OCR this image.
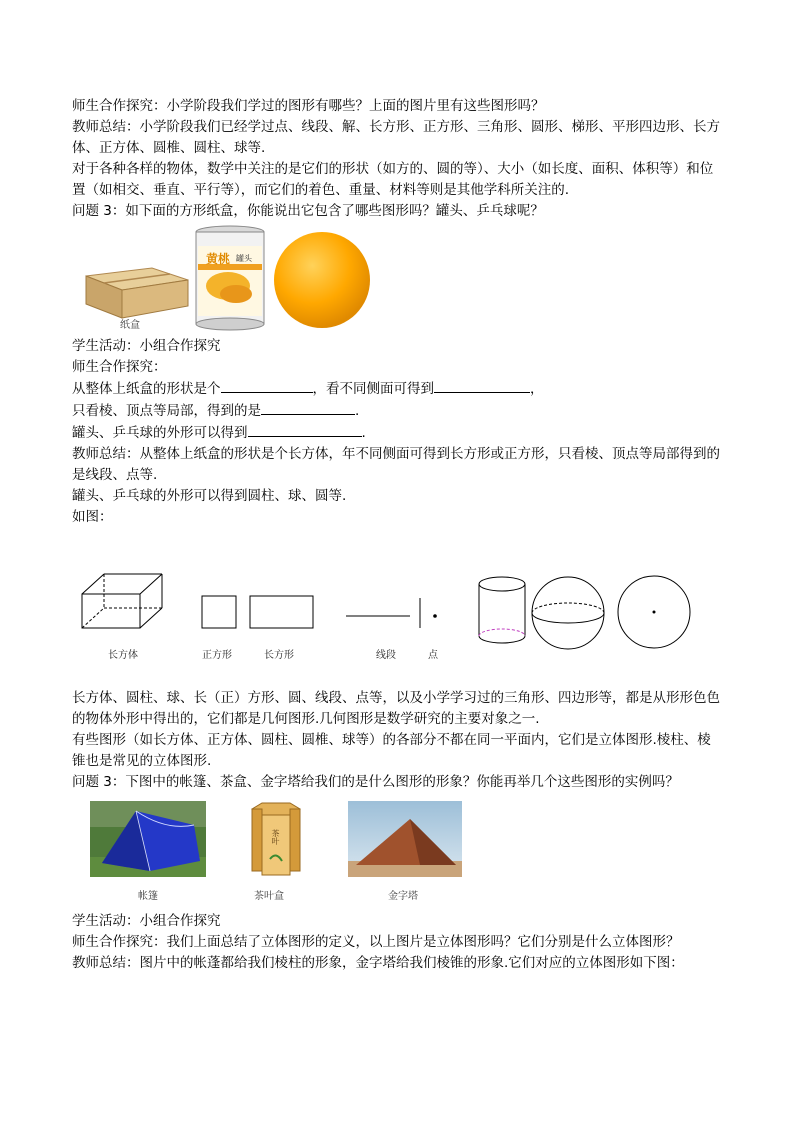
师生合作探究：小学阶段我们学过的图形有哪些？上面的图片里有这些图形吗？

教师总结：小学阶段我们已经学过点、线段、解、长方形、正方形、三角形、圆形、梯形、平形四边形、长方体、正方体、圆椎、圆柱、球等.

对于各种各样的物体，数学中关注的是它们的形状（如方的、圆的等）、大小（如长度、面积、体积等）和位置（如相交、垂直、平行等），而它们的着色、重量、材料等则是其他学科所关注的.

问题 3：如下面的方形纸盒，你能说出它包含了哪些图形吗？罐头、乒乓球呢？

纸盒
黄桃 罐头

学生活动：小组合作探究

师生合作探究：

从整体上纸盒的形状是个	，看不同侧面可得到	，

只看棱、顶点等局部，得到的是	.

罐头、乒乓球的外形可以得到	.

教师总结：从整体上纸盒的形状是个长方体，年不同侧面可得到长方形或正方形，只看棱、顶点等局部得到的是线段、点等.

罐头、乒乓球的外形可以得到圆柱、球、圆等.

如图：

长方体	正方形	长方形	线段	点

长方体、圆柱、球、长（正）方形、圆、线段、点等，以及小学学习过的三角形、四边形等，都是从形形色色的物体外形中得出的，它们都是几何图形.几何图形是数学研究的主要对象之一.

有些图形（如长方体、正方体、圆柱、圆椎、球等）的各部分不都在同一平面内，它们是立体图形.棱柱、棱锥也是常见的立体图形.

问题 3：下图中的帐篷、茶盒、金字塔给我们的是什么图形的形象？你能再举几个这些图形的实例吗？

帐篷
茶叶
茶叶盒	金字塔

学生活动：小组合作探究

师生合作探究：我们上面总结了立体图形的定义，以上图片是立体图形吗？它们分别是什么立体图形？

教师总结：图片中的帐蓬都给我们棱柱的形象，金字塔给我们棱锥的形象.它们对应的立体图形如下图：
